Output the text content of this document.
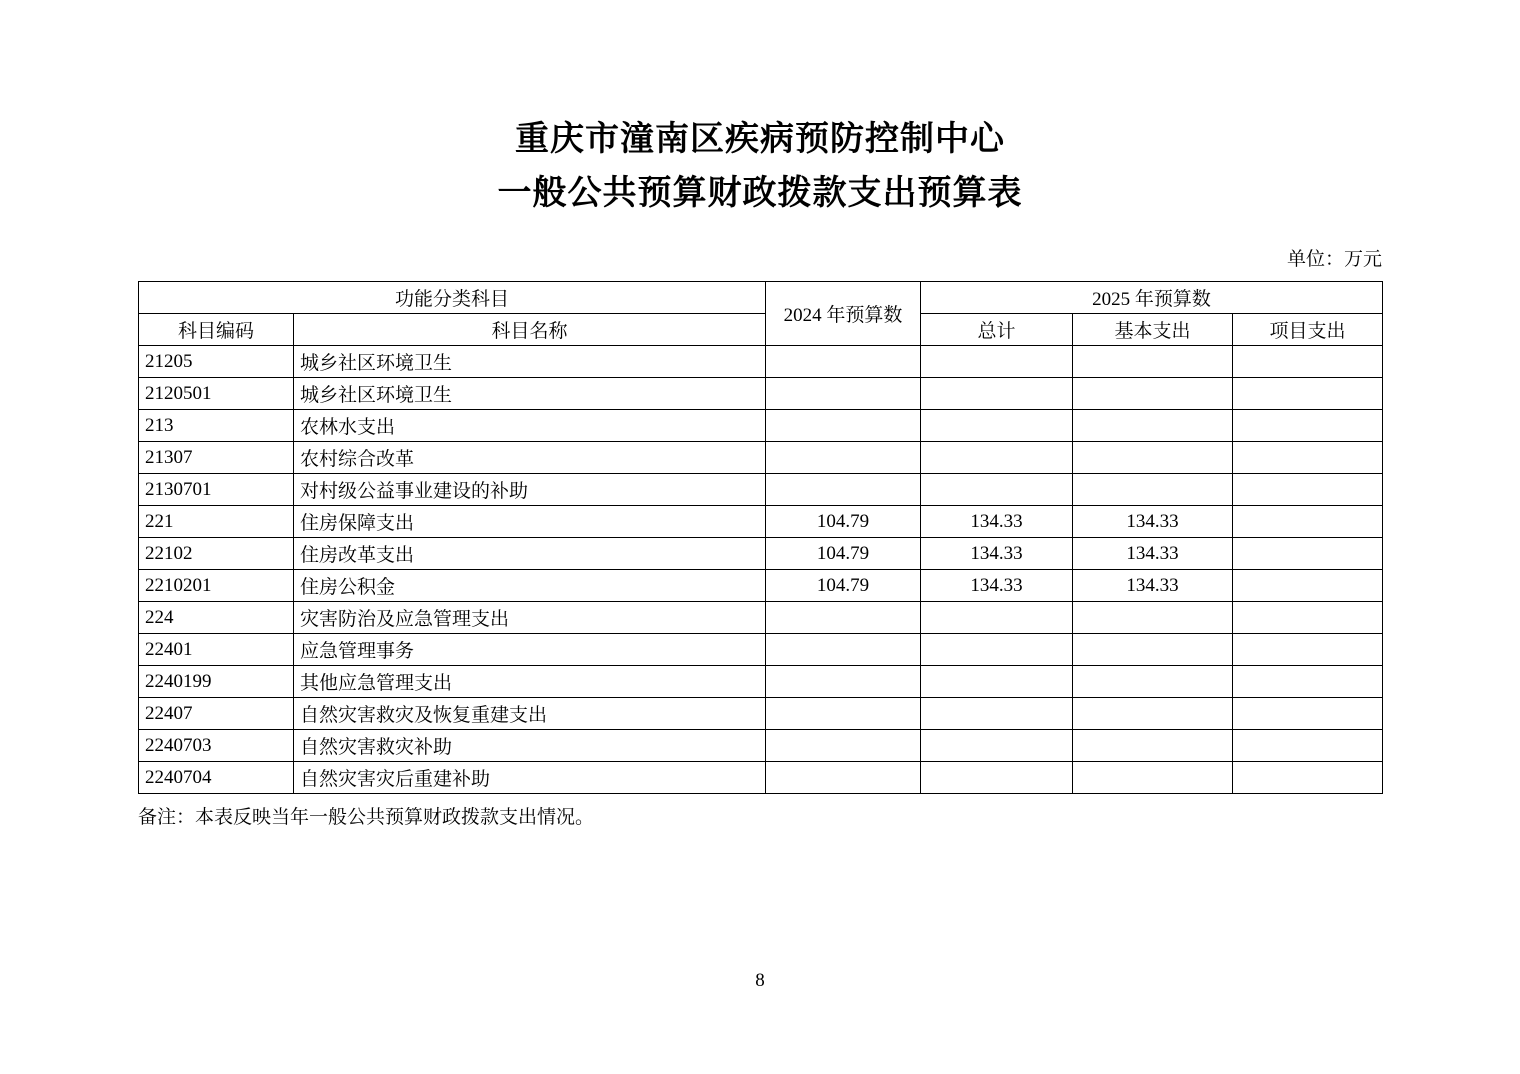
重庆市潼南区疾病预防控制中心
一般公共预算财政拨款支出预算表
单位：万元
功能分类科目		2024 年预算数	2025 年预算数		
科目编码	科目名称		总计	基本支出	项目支出
21205	城乡社区环境卫生				
2120501	城乡社区环境卫生				
213	农林水支出				
21307	农村综合改革				
2130701	对村级公益事业建设的补助				
221	住房保障支出	104.79	134.33	134.33	
22102	住房改革支出	104.79	134.33	134.33	
2210201	住房公积金	104.79	134.33	134.33	
224	灾害防治及应急管理支出				
22401	应急管理事务				
2240199	其他应急管理支出				
22407	自然灾害救灾及恢复重建支出				
2240703	自然灾害救灾补助				
2240704	自然灾害灾后重建补助				
备注：本表反映当年一般公共预算财政拨款支出情况。
8
